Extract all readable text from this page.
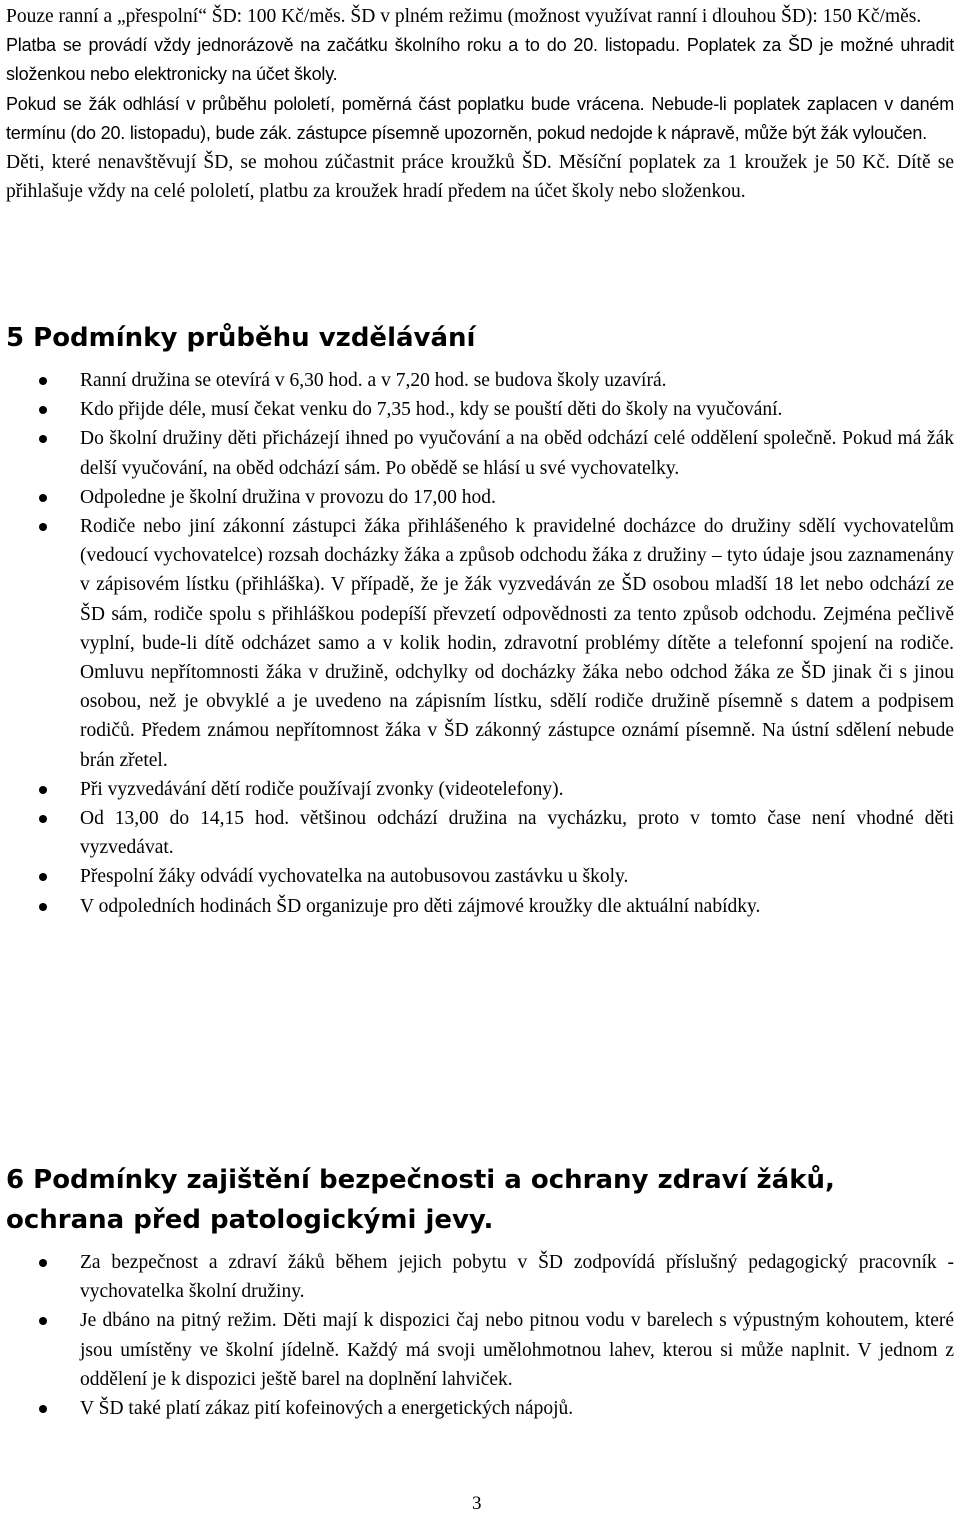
Pouze ranní a „přespolní“ ŠD: 100 Kč/měs. ŠD v plném režimu (možnost využívat ranní i dlouhou ŠD): 150 Kč/měs.

Platba se provádí vždy jednorázově na začátku školního roku a to do 20. listopadu. Poplatek za ŠD je možné uhradit složenkou nebo elektronicky na účet školy.

Pokud se žák odhlásí v průběhu pololetí, poměrná část poplatku bude vrácena. Nebude-li poplatek zaplacen v daném termínu (do 20. listopadu), bude zák. zástupce písemně upozorněn, pokud nedojde k nápravě, může být žák vyloučen.

Děti, které nenavštěvují ŠD, se mohou zúčastnit práce kroužků ŠD. Měsíční poplatek za 1 kroužek je 50 Kč. Dítě se přihlašuje vždy na celé pololetí, platbu za kroužek hradí předem na účet školy nebo složenkou.

5 Podmínky průběhu vzdělávání
Ranní družina se otevírá v 6,30 hod. a v 7,20 hod. se budova školy uzavírá.
Kdo přijde déle, musí čekat venku do 7,35 hod., kdy se pouští děti do školy na vyučování.
Do školní družiny děti přicházejí ihned po vyučování a na oběd odchází celé oddělení společně. Pokud má žák delší vyučování, na oběd odchází sám. Po obědě se hlásí u své vychovatelky.
Odpoledne je školní družina v provozu do 17,00 hod.
Rodiče nebo jiní zákonní zástupci žáka přihlášeného k pravidelné docházce do družiny sdělí vychovatelům (vedoucí vychovatelce) rozsah docházky žáka a způsob odchodu žáka z družiny – tyto údaje jsou zaznamenány v zápisovém lístku (přihláška). V případě, že je žák vyzvedáván ze ŠD osobou mladší 18 let nebo odchází ze ŠD sám, rodiče spolu s přihláškou podepíší převzetí odpovědnosti za tento způsob odchodu. Zejména pečlivě vyplní, bude-li dítě odcházet samo a v kolik hodin, zdravotní problémy dítěte a telefonní spojení na rodiče. Omluvu nepřítomnosti žáka v družině, odchylky od docházky žáka nebo odchod žáka ze ŠD jinak či s jinou osobou, než je obvyklé a je uvedeno na zápisním lístku, sdělí rodiče družině písemně s datem a podpisem rodičů. Předem známou nepřítomnost žáka v ŠD zákonný zástupce oznámí písemně. Na ústní sdělení nebude brán zřetel.
Při vyzvedávání dětí rodiče používají zvonky (videotelefony).
Od 13,00 do 14,15 hod. většinou odchází družina na vycházku, proto v tomto čase není vhodné děti vyzvedávat.
Přespolní žáky odvádí vychovatelka na autobusovou zastávku u školy.
V odpoledních hodinách ŠD organizuje pro děti zájmové kroužky dle aktuální nabídky.
6 Podmínky zajištění bezpečnosti a ochrany zdraví žáků, ochrana před patologickými jevy.
Za bezpečnost a zdraví žáků během jejich pobytu v ŠD zodpovídá příslušný pedagogický pracovník - vychovatelka školní družiny.
Je dbáno na pitný režim. Děti mají k dispozici čaj nebo pitnou vodu v barelech s výpustným kohoutem, které jsou umístěny ve školní jídelně. Každý má svoji umělohmotnou lahev, kterou si může naplnit. V jednom z oddělení je k dispozici ještě barel na doplnění lahviček.
V ŠD také platí zákaz pití kofeinových a energetických nápojů.
3
